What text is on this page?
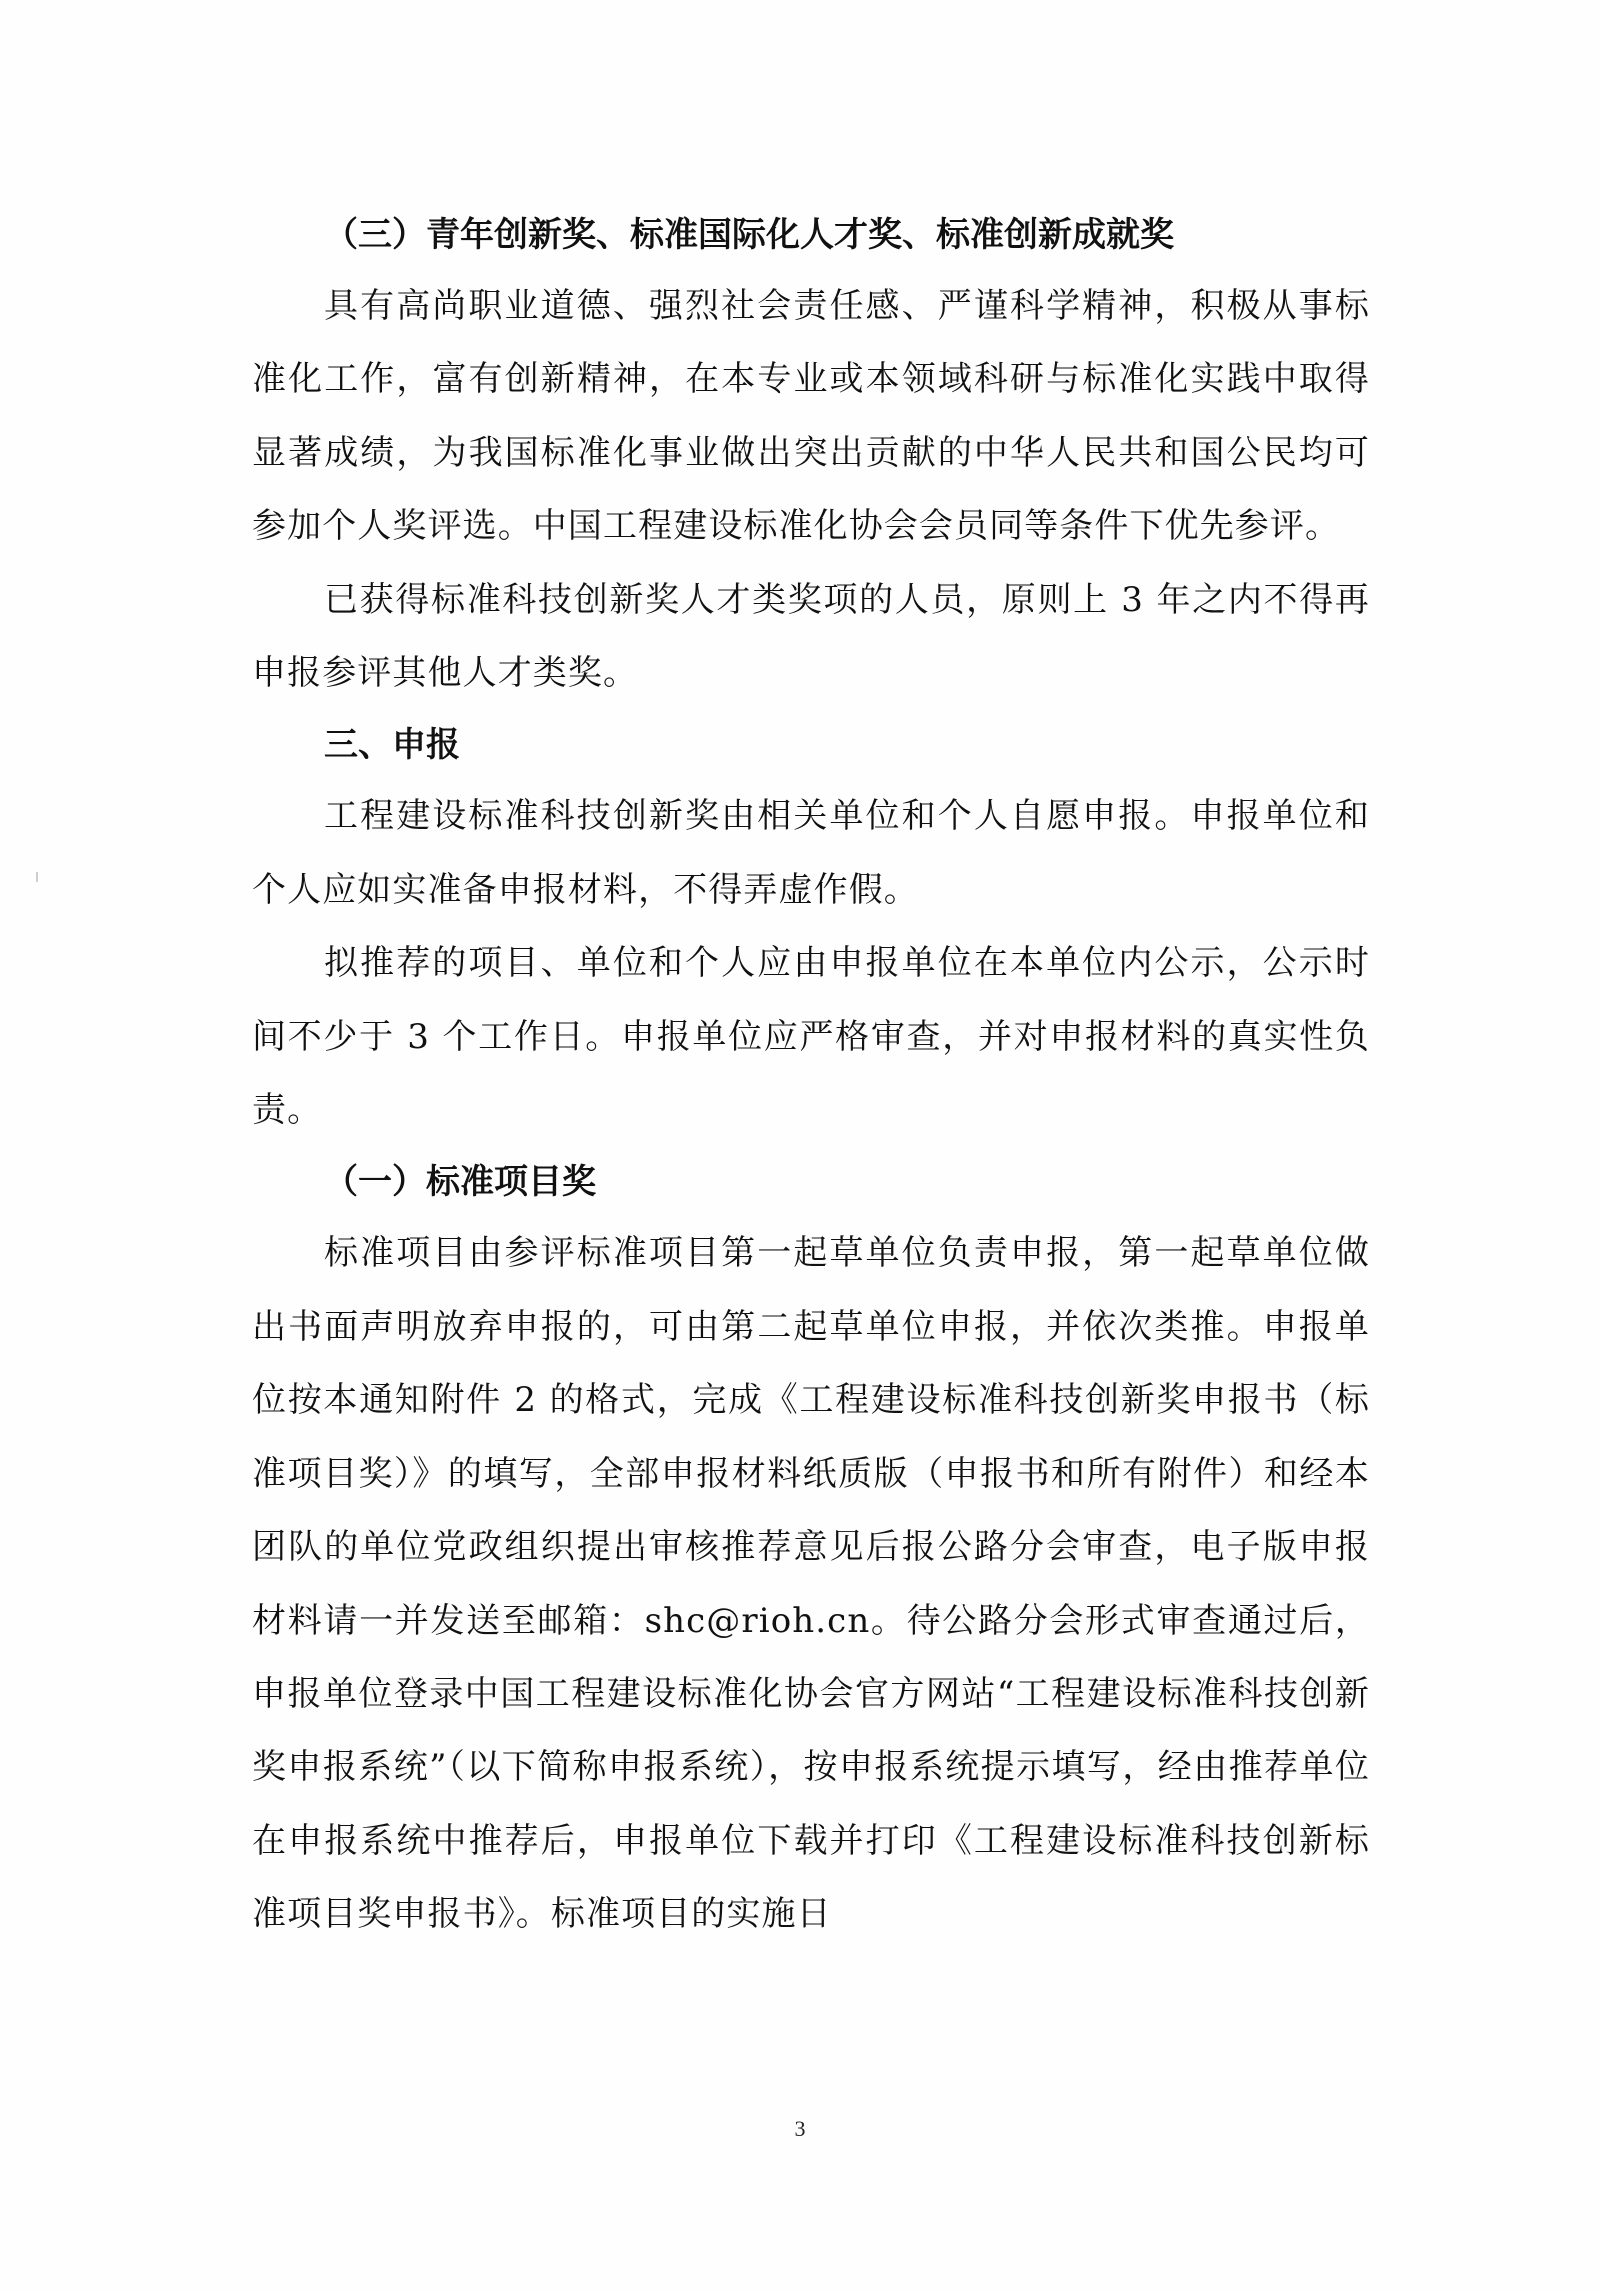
（三）青年创新奖、标准国际化人才奖、标准创新成就奖

具有高尚职业道德、强烈社会责任感、严谨科学精神，积极从事标准化工作，富有创新精神，在本专业或本领域科研与标准化实践中取得显著成绩，为我国标准化事业做出突出贡献的中华人民共和国公民均可参加个人奖评选。中国工程建设标准化协会会员同等条件下优先参评。

已获得标准科技创新奖人才类奖项的人员，原则上 3 年之内不得再申报参评其他人才类奖。

三、申报

工程建设标准科技创新奖由相关单位和个人自愿申报。申报单位和个人应如实准备申报材料，不得弄虚作假。

拟推荐的项目、单位和个人应由申报单位在本单位内公示，公示时间不少于 3 个工作日。申报单位应严格审查，并对申报材料的真实性负责。

（一）标准项目奖

标准项目由参评标准项目第一起草单位负责申报，第一起草单位做出书面声明放弃申报的，可由第二起草单位申报，并依次类推。申报单位按本通知附件 2 的格式，完成《工程建设标准科技创新奖申报书（标准项目奖）》的填写，全部申报材料纸质版（申报书和所有附件）和经本团队的单位党政组织提出审核推荐意见后报公路分会审查，电子版申报材料请一并发送至邮箱：shc@rioh.cn。待公路分会形式审查通过后，申报单位登录中国工程建设标准化协会官方网站“工程建设标准科技创新奖申报系统”（以下简称申报系统），按申报系统提示填写，经由推荐单位在申报系统中推荐后，申报单位下载并打印《工程建设标准科技创新标准项目奖申报书》。标准项目的实施日

3
